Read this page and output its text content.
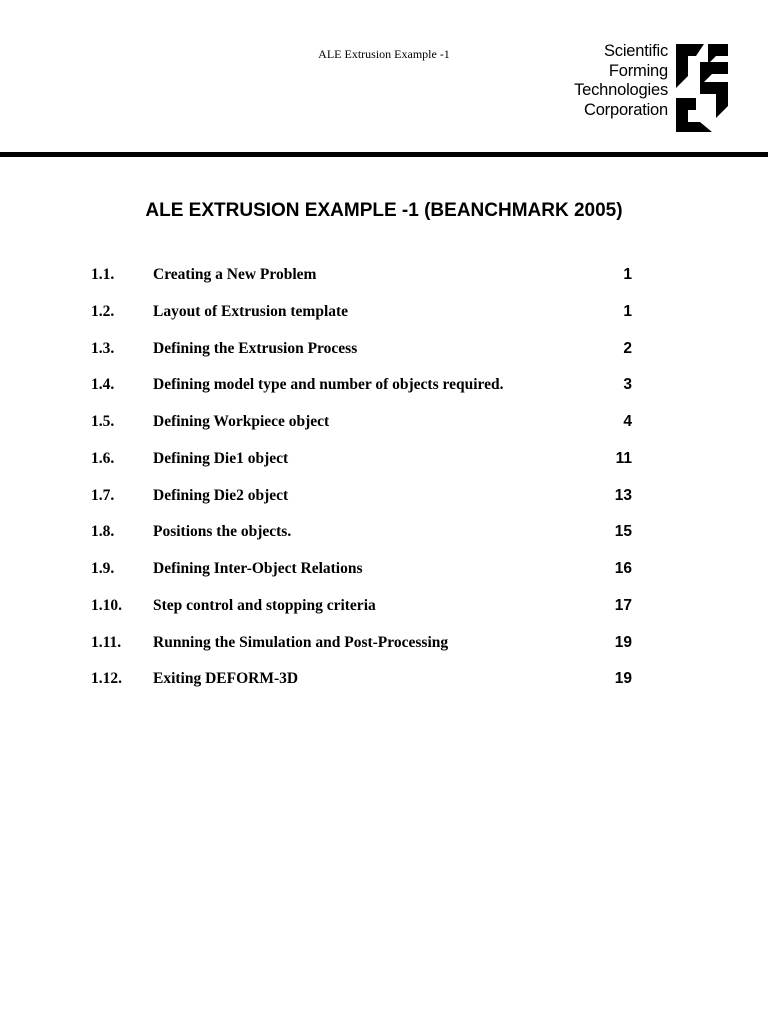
ALE Extrusion Example -1	Scientific
Forming
Technologies
Corporation
ALE EXTRUSION EXAMPLE -1 (BEANCHMARK 2005)
1.1.	Creating a New Problem	1
1.2.	Layout of Extrusion template	1
1.3.	Defining the Extrusion Process	2
1.4.	Defining model type and number of objects required.	3
1.5.	Defining Workpiece object	4
1.6.	Defining Die1 object	11
1.7.	Defining Die2 object	13
1.8.	Positions the objects.	15
1.9.	Defining Inter-Object Relations	16
1.10. Step control and stopping criteria	17
1.11. Running the Simulation and Post-Processing	19
1.12. Exiting DEFORM-3D	19
